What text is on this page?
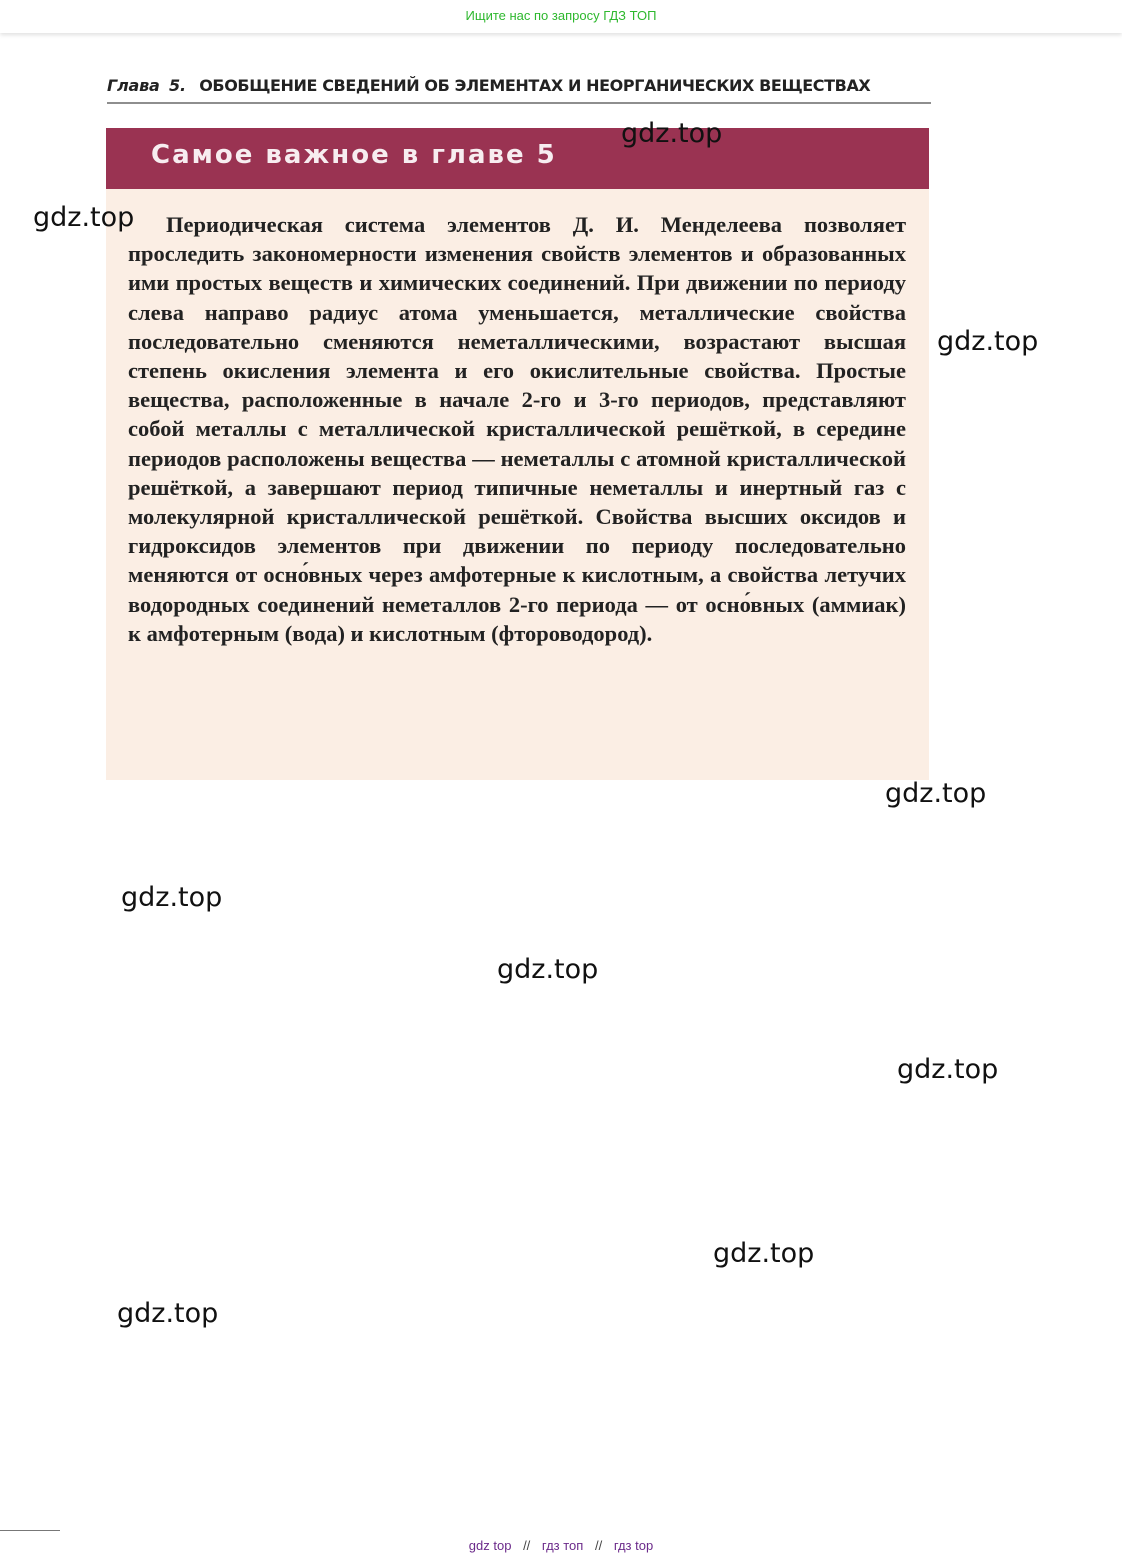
Ищите нас по запросу ГДЗ ТОП
Глава 5. ОБОБЩЕНИЕ СВЕДЕНИЙ ОБ ЭЛЕМЕНТАХ И НЕОРГАНИЧЕСКИХ ВЕЩЕСТВАХ
Самое важное в главе 5

Периодическая система элементов Д. И. Менделеева позволяет проследить закономерности изменения свойств элементов и образованных ими простых веществ и химических соединений. При движении по периоду слева направо радиус атома уменьшается, металлические свойства последовательно сменяются неметаллическими, возрастают высшая степень окисления элемента и его окислительные свойства. Простые вещества, расположенные в начале 2-го и 3-го периодов, представляют собой металлы с металлической кристаллической решёткой, в середине периодов расположены вещества — неметаллы с атомной кристаллической решёткой, а завершают период типичные неметаллы и инертный газ с молекулярной кристаллической решёткой. Свойства высших оксидов и гидроксидов элементов при движении по периоду последовательно меняются от осно́вных через амфотерные к кислотным, а свойства летучих водородных соединений неметаллов 2-го периода — от осно́вных (аммиак) к амфотерным (вода) и кислотным (фтороводород).

gdz.top
gdz.top
gdz.top
gdz.top
gdz.top
gdz.top
gdz.top
gdz.top
gdz.top
gdz top // гдз топ // гдз top
